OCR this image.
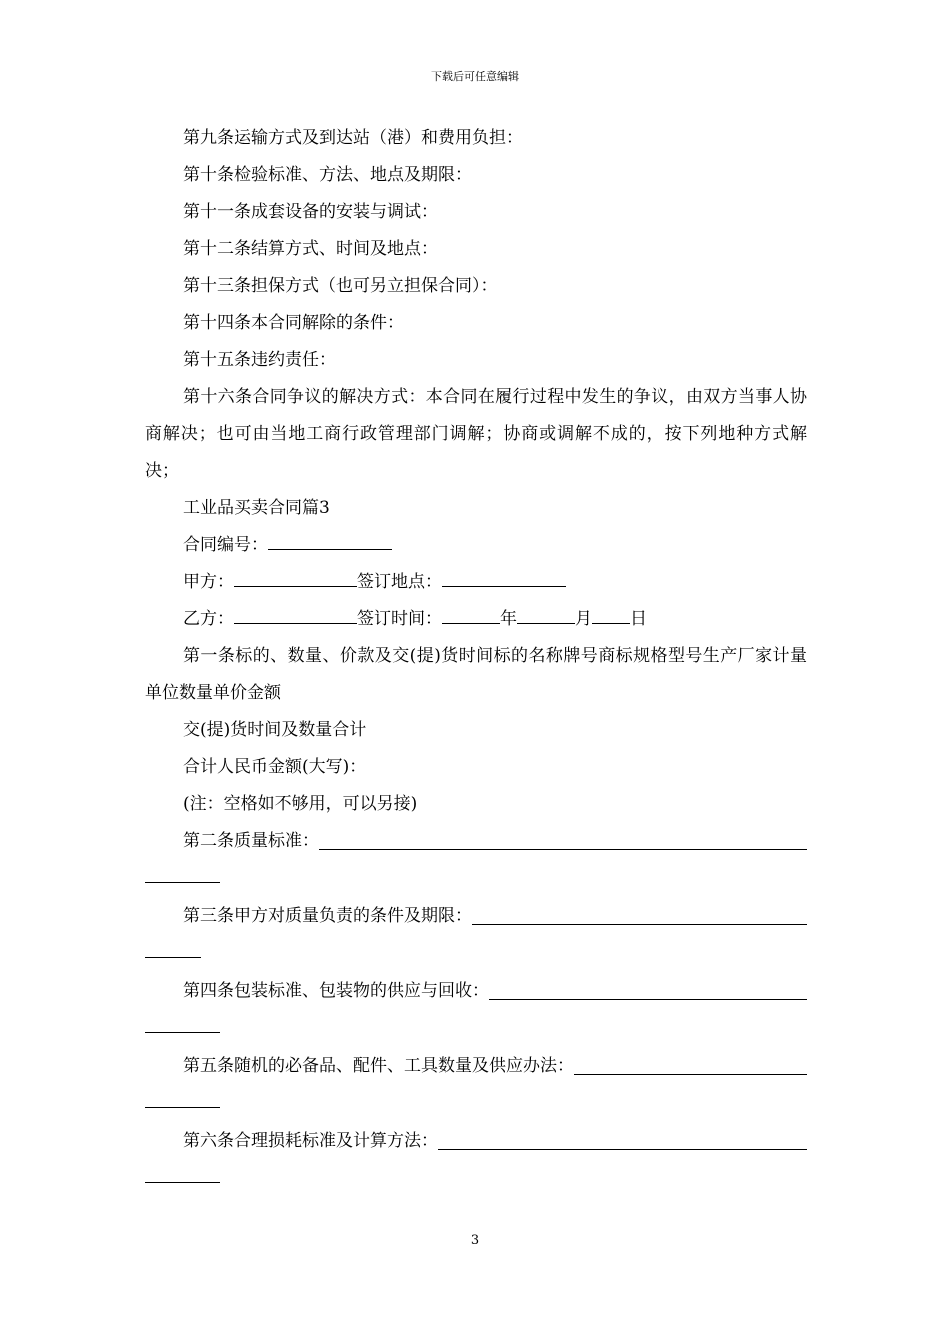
下载后可任意编辑

第九条运输方式及到达站（港）和费用负担：

第十条检验标准、方法、地点及期限：

第十一条成套设备的安装与调试：

第十二条结算方式、时间及地点：

第十三条担保方式（也可另立担保合同）：

第十四条本合同解除的条件：

第十五条违约责任：

第十六条合同争议的解决方式：本合同在履行过程中发生的争议，由双方当事人协商解决；也可由当地工商行政管理部门调解；协商或调解不成的，按下列地种方式解决；

工业品买卖合同篇3

合同编号：

甲方：	签订地点：

乙方：	签订时间：	年	月 日

第一条标的、数量、价款及交(提)货时间标的名称牌号商标规格型号生产厂家计量单位数量单价金额

交(提)货时间及数量合计

合计人民币金额(大写)：

(注：空格如不够用，可以另接)

第二条质量标准：
第三条甲方对质量负责的条件及期限：
第四条包装标准、包装物的供应与回收：
第五条随机的必备品、配件、工具数量及供应办法：
第六条合理损耗标准及计算方法：
3
